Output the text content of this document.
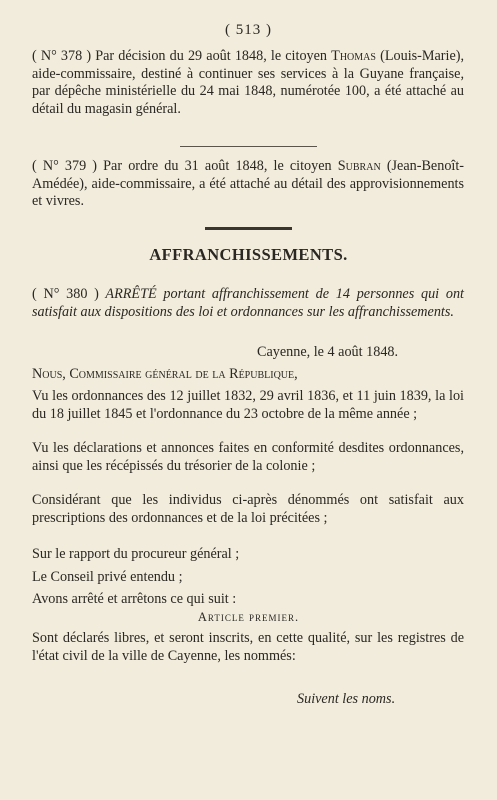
( 513 )
( N° 378 ) Par décision du 29 août 1848, le citoyen Thomas (Louis-Marie), aide-commissaire, destiné à continuer ses services à la Guyane française, par dépêche ministérielle du 24 mai 1848, numérotée 100, a été attaché au détail du magasin général.
( N° 379 ) Par ordre du 31 août 1848, le citoyen Subran (Jean-Benoît-Amédée), aide-commissaire, a été attaché au détail des approvisionnements et vivres.
AFFRANCHISSEMENTS.
( N° 380 ) ARRÊTÉ portant affranchissement de 14 personnes qui ont satisfait aux dispositions des loi et ordonnances sur les affranchissements.
Cayenne, le 4 août 1848.
Nous, Commissaire général de la République,
Vu les ordonnances des 12 juillet 1832, 29 avril 1836, et 11 juin 1839, la loi du 18 juillet 1845 et l'ordonnance du 23 octobre de la même année ;
Vu les déclarations et annonces faites en conformité desdites ordonnances, ainsi que les récépissés du trésorier de la colonie ;
Considérant que les individus ci-après dénommés ont satisfait aux prescriptions des ordonnances et de la loi précitées ;
Sur le rapport du procureur général ;
Le Conseil privé entendu ;
Avons arrêté et arrêtons ce qui suit :
Article premier.
Sont déclarés libres, et seront inscrits, en cette qualité, sur les registres de l'état civil de la ville de Cayenne, les nommés:
Suivent les noms.
